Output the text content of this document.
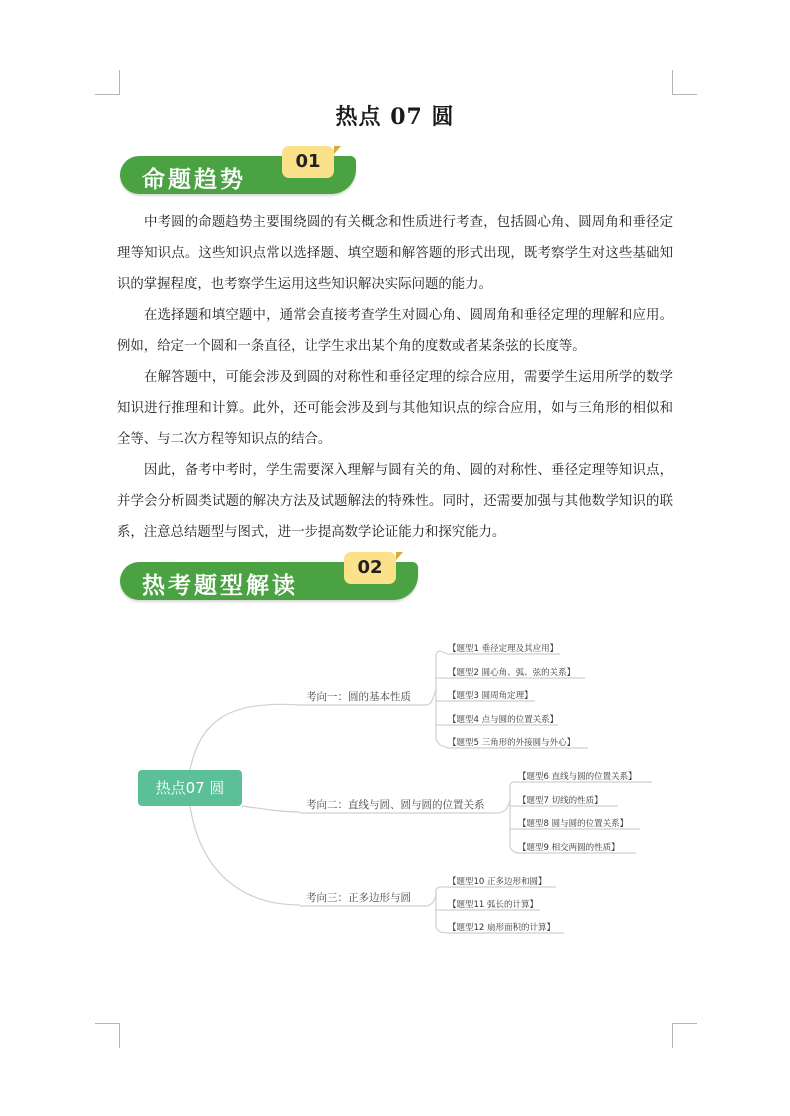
热点 07 圆
命题趋势
01

中考圆的命题趋势主要围绕圆的有关概念和性质进行考查，包括圆心角、圆周角和垂径定理等知识点。这些知识点常以选择题、填空题和解答题的形式出现，既考察学生对这些基础知识的掌握程度，也考察学生运用这些知识解决实际问题的能力。

在选择题和填空题中，通常会直接考查学生对圆心角、圆周角和垂径定理的理解和应用。例如，给定一个圆和一条直径，让学生求出某个角的度数或者某条弦的长度等。

在解答题中，可能会涉及到圆的对称性和垂径定理的综合应用，需要学生运用所学的数学知识进行推理和计算。此外，还可能会涉及到与其他知识点的综合应用，如与三角形的相似和全等、与二次方程等知识点的结合。

因此，备考中考时，学生需要深入理解与圆有关的角、圆的对称性、垂径定理等知识点，并学会分析圆类试题的解决方法及试题解法的特殊性。同时，还需要加强与其他数学知识的联系，注意总结题型与图式，进一步提高数学论证能力和探究能力。

热考题型解读
02
热点07 圆
考向一：圆的基本性质
考向二：直线与圆、圆与圆的位置关系
考向三：正多边形与圆
【题型1 垂径定理及其应用】
【题型2 圆心角、弧、弦的关系】
【题型3 圆周角定理】
【题型4 点与圆的位置关系】
【题型5 三角形的外接圆与外心】
【题型6 直线与圆的位置关系】
【题型7 切线的性质】
【题型8 圆与圆的位置关系】
【题型9 相交两圆的性质】
【题型10 正多边形和圆】
【题型11 弧长的计算】
【题型12 扇形面积的计算】
